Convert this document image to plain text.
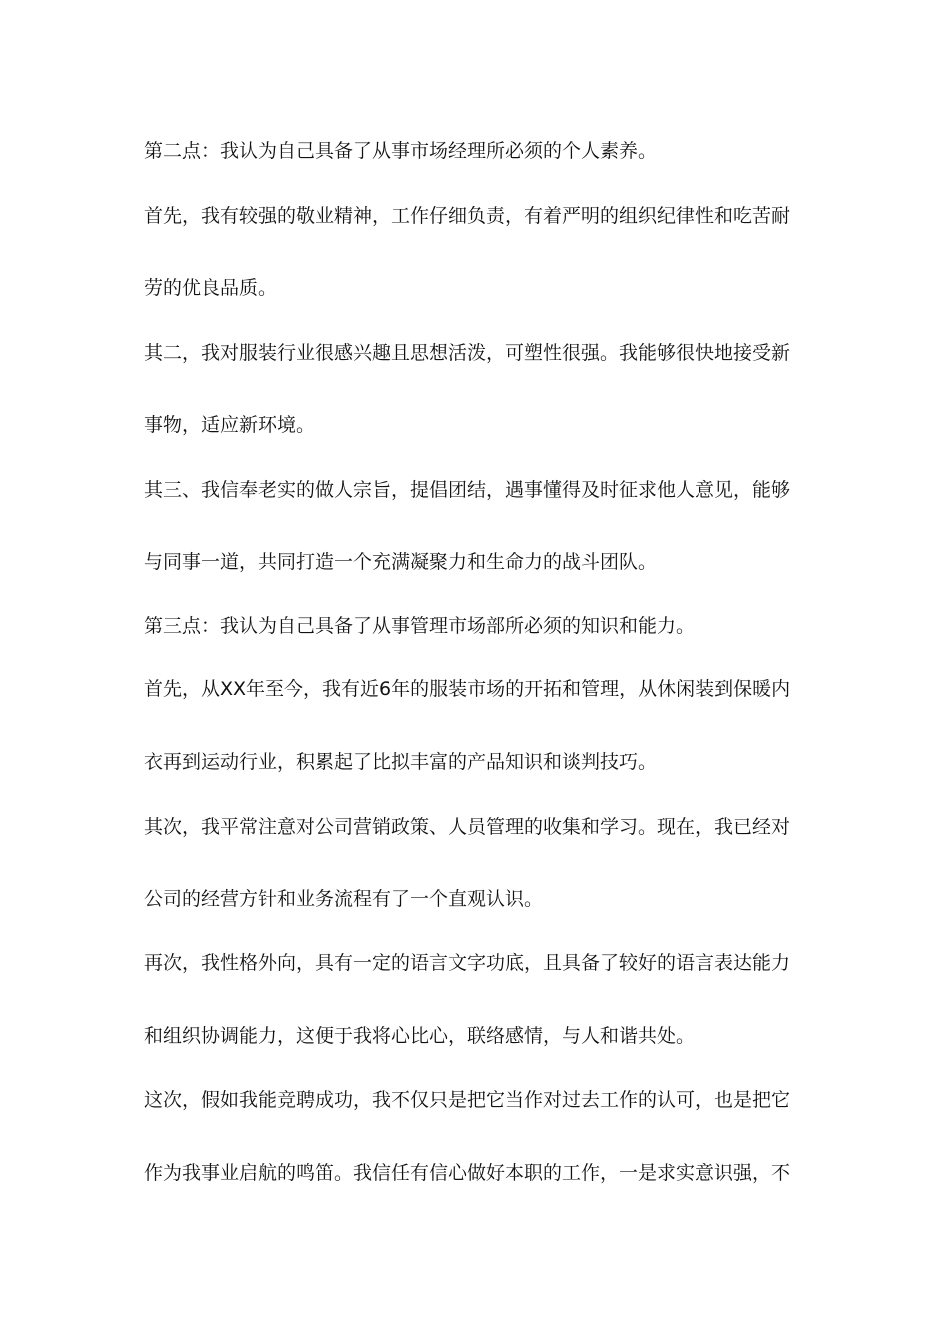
第二点：我认为自己具备了从事市场经理所必须的个人素养。
首先，我有较强的敬业精神，工作仔细负责，有着严明的组织纪律性和吃苦耐
劳的优良品质。
其二，我对服装行业很感兴趣且思想活泼，可塑性很强。我能够很快地接受新
事物，适应新环境。
其三、我信奉老实的做人宗旨，提倡团结，遇事懂得及时征求他人意见，能够
与同事一道，共同打造一个充满凝聚力和生命力的战斗团队。
第三点：我认为自己具备了从事管理市场部所必须的知识和能力。
首先，从XX年至今，我有近6年的服装市场的开拓和管理，从休闲装到保暖内
衣再到运动行业，积累起了比拟丰富的产品知识和谈判技巧。
其次，我平常注意对公司营销政策、人员管理的收集和学习。现在，我已经对
公司的经营方针和业务流程有了一个直观认识。
再次，我性格外向，具有一定的语言文字功底，且具备了较好的语言表达能力
和组织协调能力，这便于我将心比心，联络感情，与人和谐共处。
这次，假如我能竞聘成功，我不仅只是把它当作对过去工作的认可，也是把它
作为我事业启航的鸣笛。我信任有信心做好本职的工作，一是求实意识强，不
